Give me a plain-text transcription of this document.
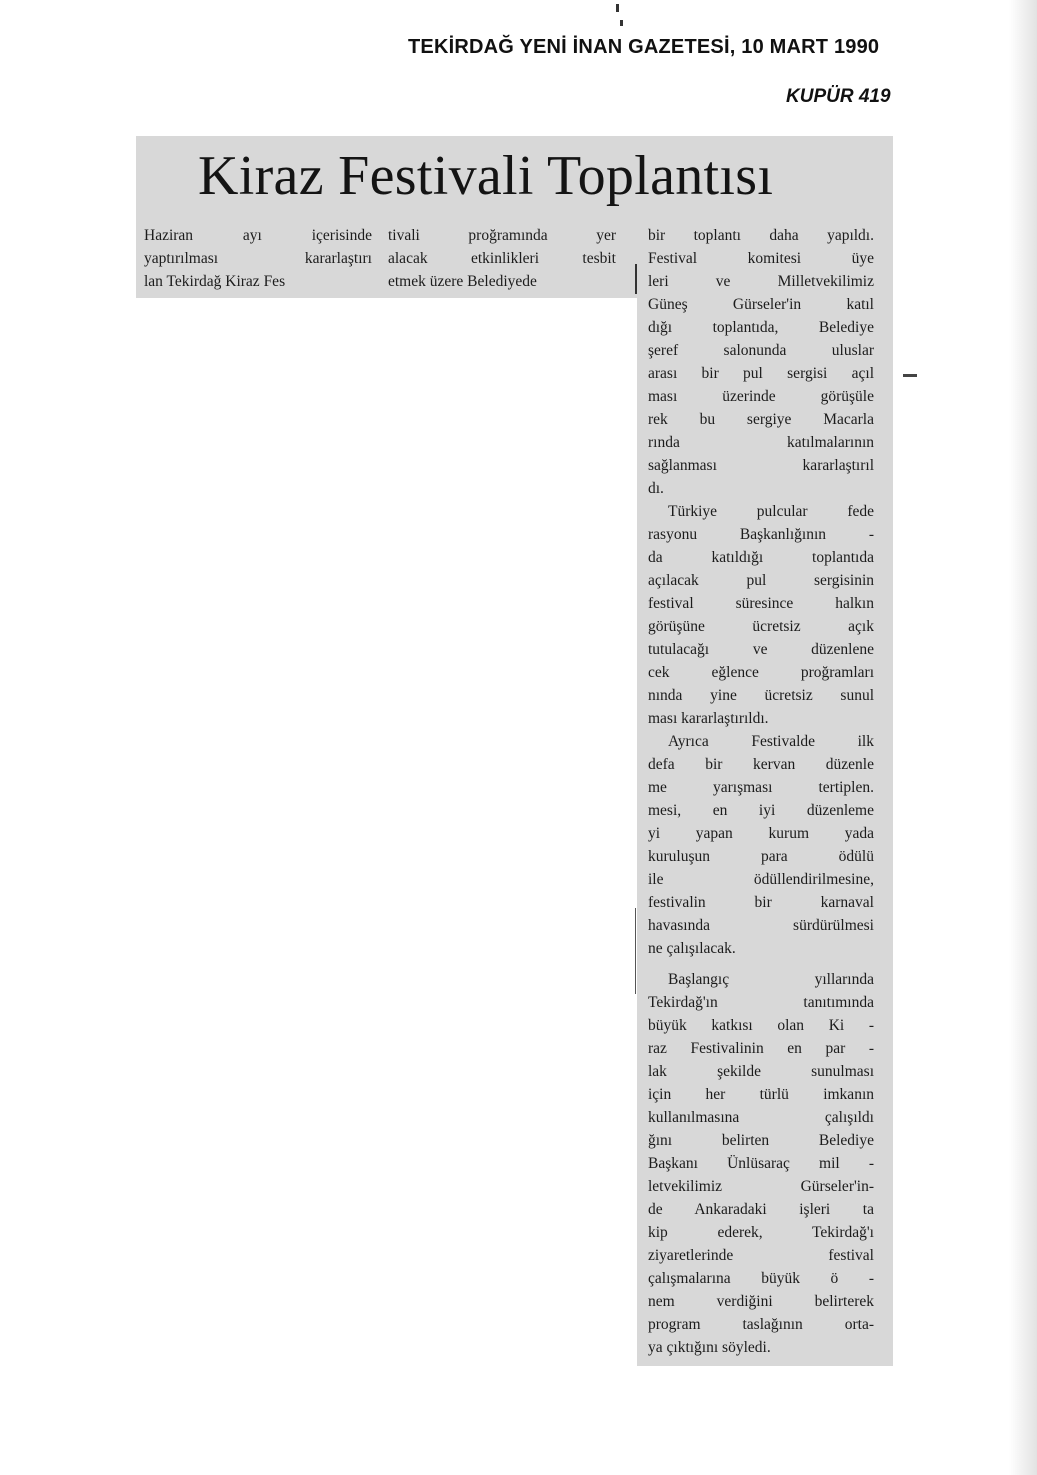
TEKİRDAĞ YENİ İNAN GAZETESİ, 10 MART 1990
KUPÜR 419
Kiraz Festivali Toplantısı
Haziran ayı içerisinde
yaptırılması kararlaştırı
lan Tekirdağ Kiraz Fes
tivali proğramında yer
alacak etkinlikleri tesbit
etmek üzere Belediyede
bir toplantı daha yapıldı.
Festival komitesi üye
leri ve Milletvekilimiz
Güneş Gürseler'in katıl
dığı toplantıda, Belediye
şeref salonunda uluslar
arası bir pul sergisi açıl
ması üzerinde görüşüle
rek bu sergiye Macarla
rında katılmalarının
sağlanması kararlaştırıl
dı.
Türkiye pulcular fede
rasyonu Başkanlığının -
da katıldığı toplantıda
açılacak pul sergisinin
festival süresince halkın
görüşüne ücretsiz açık
tutulacağı ve düzenlene
cek eğlence proğramları
nında yine ücretsiz sunul
ması kararlaştırıldı.
Ayrıca Festivalde ilk
defa bir kervan düzenle
me yarışması tertiplen.
mesi, en iyi düzenleme
yi yapan kurum yada
kuruluşun para ödülü
ile ödüllendirilmesine,
festivalin bir karnaval
havasında sürdürülmesi
ne çalışılacak.
Başlangıç yıllarında
Tekirdağ'ın tanıtımında
büyük katkısı olan Ki -
raz Festivalinin en par -
lak şekilde sunulması
için her türlü imkanın
kullanılmasına çalışıldı
ğını belirten Belediye
Başkanı Ünlüsaraç mil -
letvekilimiz Gürseler'in-
de Ankaradaki işleri ta
kip ederek, Tekirdağ'ı
ziyaretlerinde festival
çalışmalarına büyük ö -
nem verdiğini belirterek
program taslağının orta-
ya çıktığını söyledi.
